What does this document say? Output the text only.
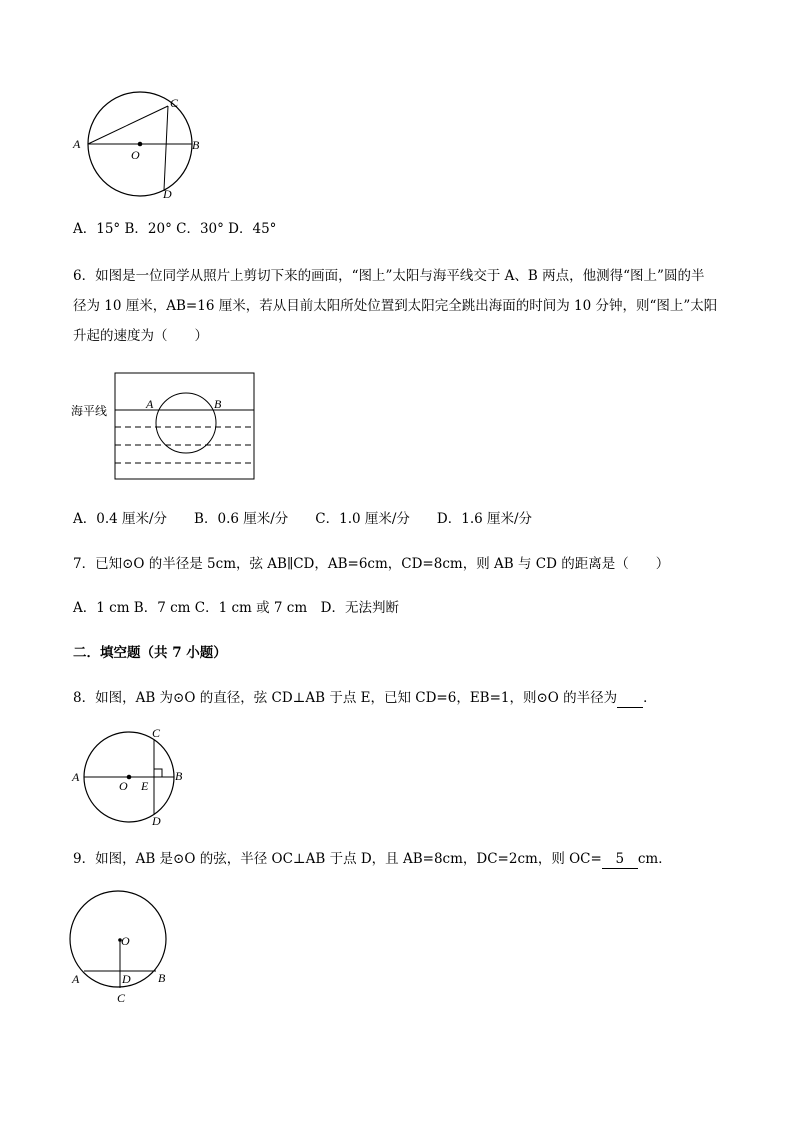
A	B
C
D
O
A．15° B．20° C．30° D．45°
6．如图是一位同学从照片上剪切下来的画面，“图上”太阳与海平线交于 A、B 两点，他测得“图上”圆的半
径为 10 厘米，AB=16 厘米，若从目前太阳所处位置到太阳完全跳出海面的时间为 10 分钟，则“图上”太阳
升起的速度为（　　）
海平线	A	B
A．0.4 厘米/分　　B．0.6 厘米/分　　C．1.0 厘米/分　　D．1.6 厘米/分
7．已知⊙O 的半径是 5cm，弦 AB∥CD，AB=6cm，CD=8cm，则 AB 与 CD 的距离是（　　）
A．1 cm B．7 cm C．1 cm 或 7 cm　D．无法判断
二．填空题（共 7 小题）
8．如图，AB 为⊙O 的直径，弦 CD⊥AB 于点 E，已知 CD=6，EB=1，则⊙O 的半径为 ．
A	B
C
D
O E
9．如图，AB 是⊙O 的弦，半径 OC⊥AB 于点 D，且 AB=8cm，DC=2cm，则 OC= 5 cm．
O
A	B
D
C
